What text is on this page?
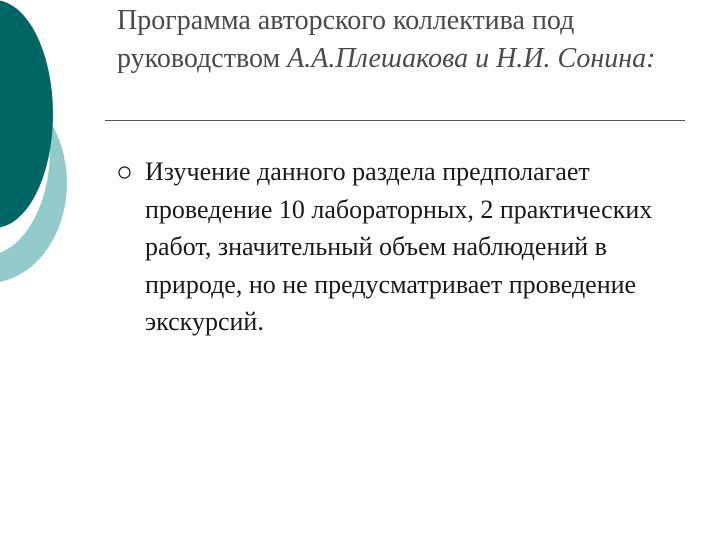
Программа авторского коллектива под руководством А.А.Плешакова и Н.И. Сонина:
Изучение данного раздела предполагает проведение 10 лабораторных, 2 практических работ, значительный объем наблюдений в природе, но не предусматривает проведение экскурсий.
